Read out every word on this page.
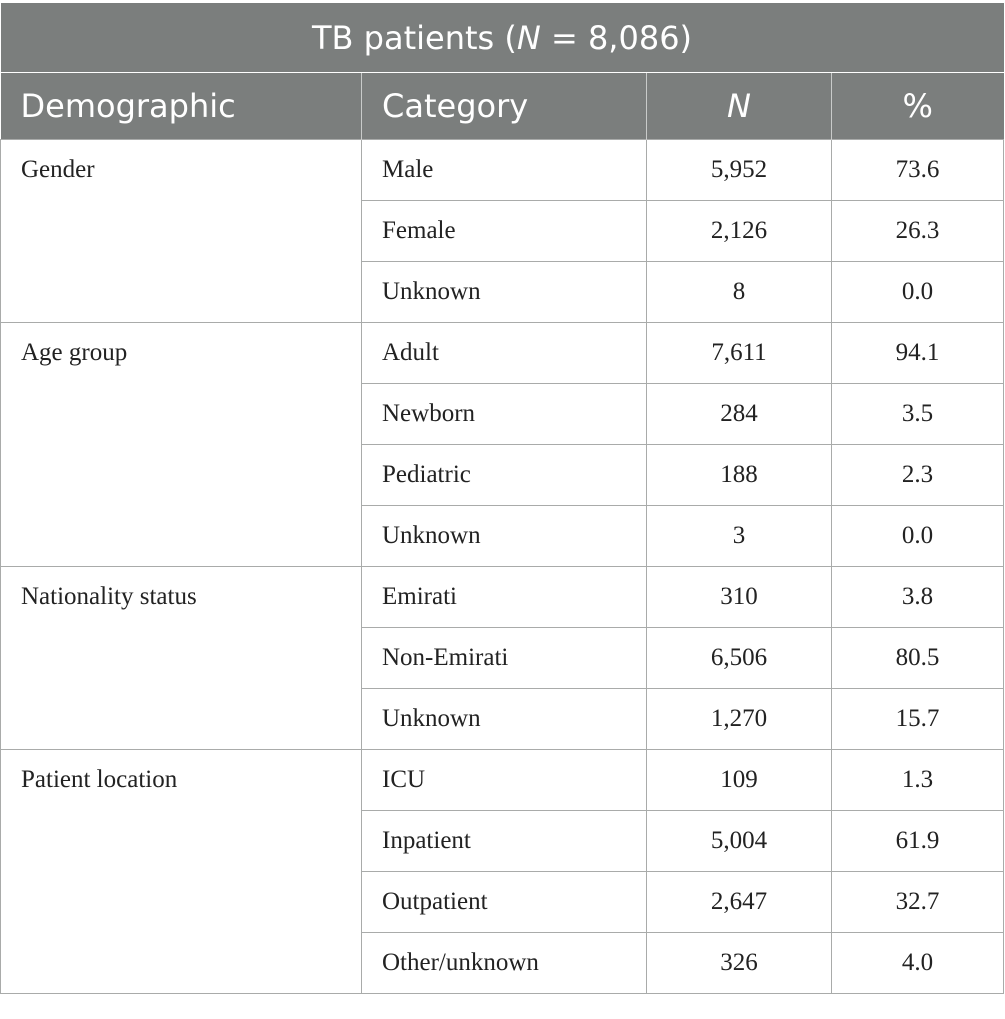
TB patients (N = 8,086)			
Demographic	Category	N	%
Gender	Male	5,952	73.6
	Female	2,126	26.3
	Unknown	8	0.0
Age group	Adult	7,611	94.1
	Newborn	284	3.5
	Pediatric	188	2.3
	Unknown	3	0.0
Nationality status	Emirati	310	3.8
	Non-Emirati	6,506	80.5
	Unknown	1,270	15.7
Patient location	ICU	109	1.3
	Inpatient	5,004	61.9
	Outpatient	2,647	32.7
	Other/unknown	326	4.0
